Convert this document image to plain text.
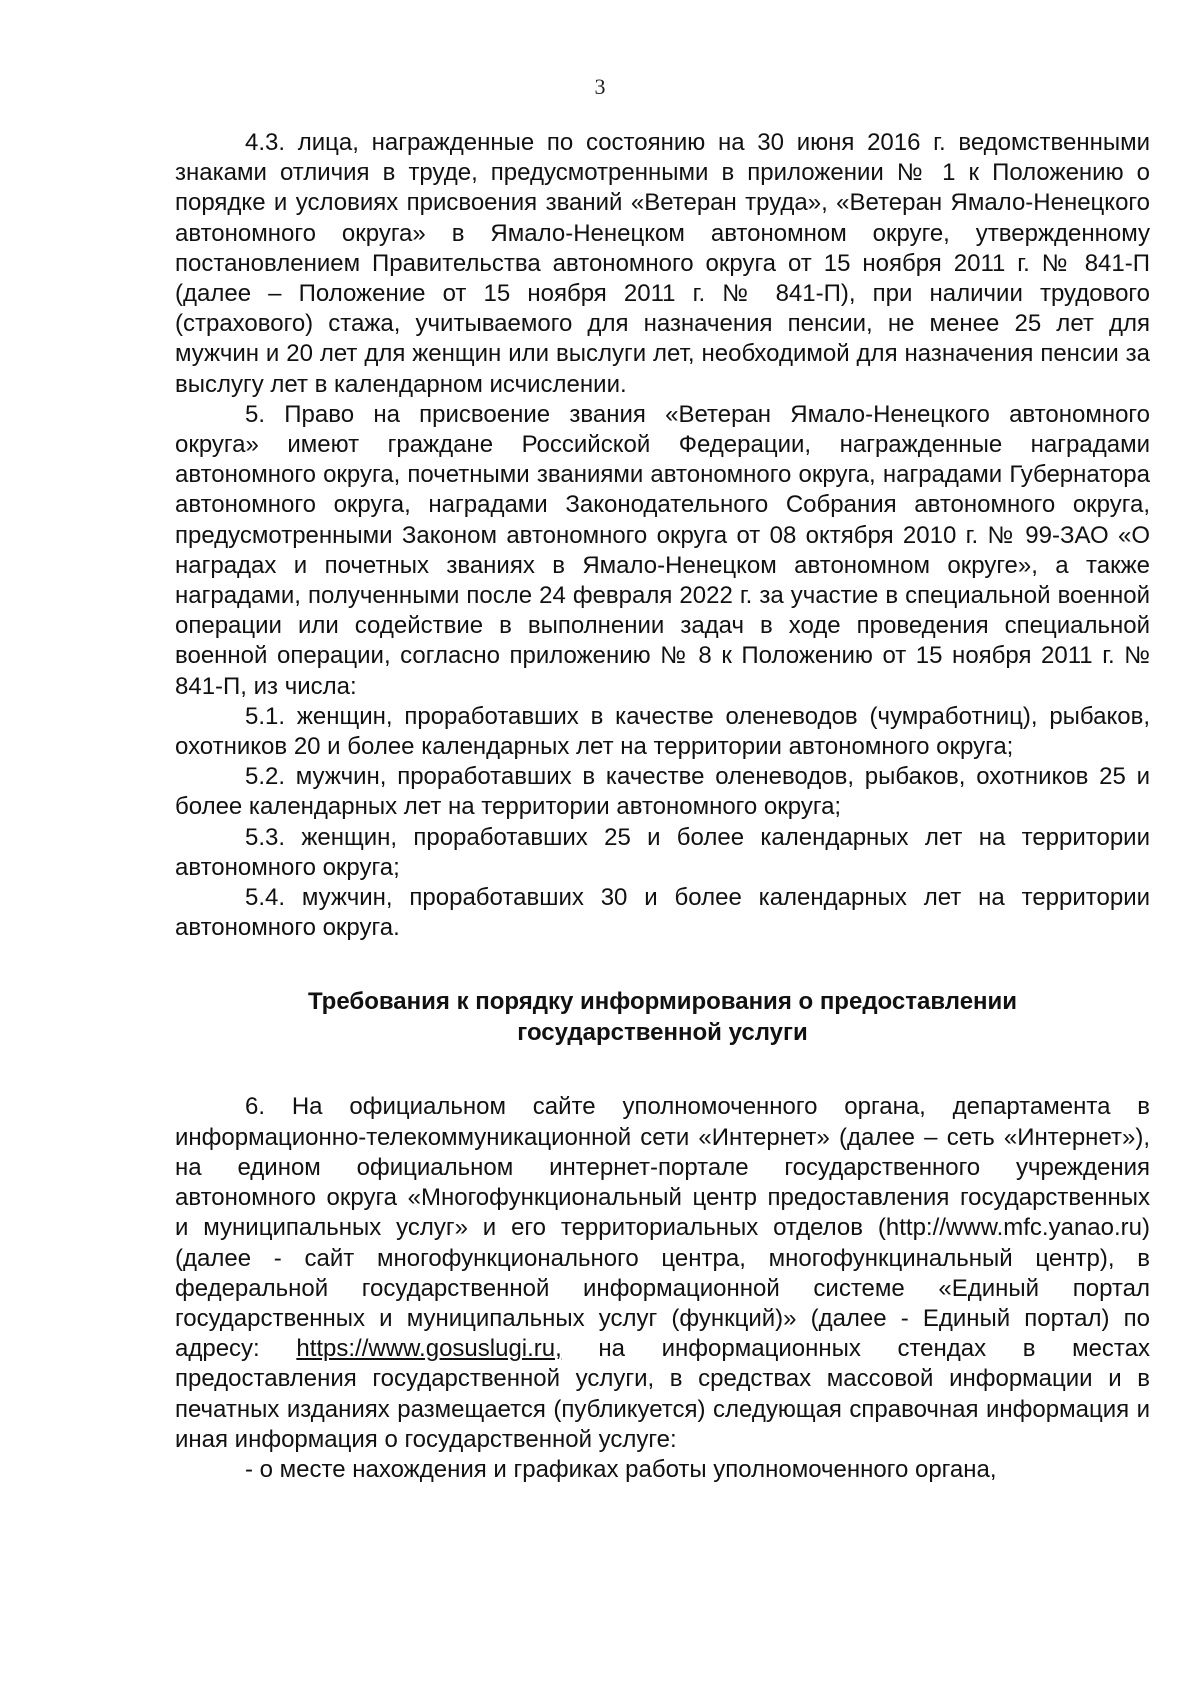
3

4.3. лица, награжденные по состоянию на 30 июня 2016 г. ведомственными знаками отличия в труде, предусмотренными в приложении № 1 к Положению о порядке и условиях присвоения званий «Ветеран труда», «Ветеран Ямало-Ненецкого автономного округа» в Ямало-Ненецком автономном округе, утвержденному постановлением Правительства автономного округа от 15 ноября 2011 г. № 841-П (далее – Положение от 15 ноября 2011 г. № 841-П), при наличии трудового (страхового) стажа, учитываемого для назначения пенсии, не менее 25 лет для мужчин и 20 лет для женщин или выслуги лет, необходимой для назначения пенсии за выслугу лет в календарном исчислении.

5. Право на присвоение звания «Ветеран Ямало-Ненецкого автономного округа» имеют граждане Российской Федерации, награжденные наградами автономного округа, почетными званиями автономного округа, наградами Губернатора автономного округа, наградами Законодательного Собрания автономного округа, предусмотренными Законом автономного округа от 08 октября 2010 г. № 99-ЗАО «О наградах и почетных званиях в Ямало-Ненецком автономном округе», а также наградами, полученными после 24 февраля 2022 г. за участие в специальной военной операции или содействие в выполнении задач в ходе проведения специальной военной операции, согласно приложению № 8 к Положению от 15 ноября 2011 г. № 841-П, из числа:

5.1. женщин, проработавших в качестве оленеводов (чумработниц), рыбаков, охотников 20 и более календарных лет на территории автономного округа;

5.2. мужчин, проработавших в качестве оленеводов, рыбаков, охотников 25 и более календарных лет на территории автономного округа;

5.3. женщин, проработавших 25 и более календарных лет на территории автономного округа;

5.4. мужчин, проработавших 30 и более календарных лет на территории автономного округа.

Требования к порядку информирования о предоставлении
государственной услуги

6. На официальном сайте уполномоченного органа, департамента в информационно-телекоммуникационной сети «Интернет» (далее – сеть «Интернет»), на едином официальном интернет-портале государственного учреждения автономного округа «Многофункциональный центр предоставления государственных и муниципальных услуг» и его территориальных отделов (http://www.mfc.yanao.ru) (далее - сайт многофункционального центра, многофункцинальный центр), в федеральной государственной информационной системе «Единый портал государственных и муниципальных услуг (функций)» (далее - Единый портал) по адресу: https://www.gosuslugi.ru, на информационных стендах в местах предоставления государственной услуги, в средствах массовой информации и в печатных изданиях размещается (публикуется) следующая справочная информация и иная информация о государственной услуге:

- о месте нахождения и графиках работы уполномоченного органа,
